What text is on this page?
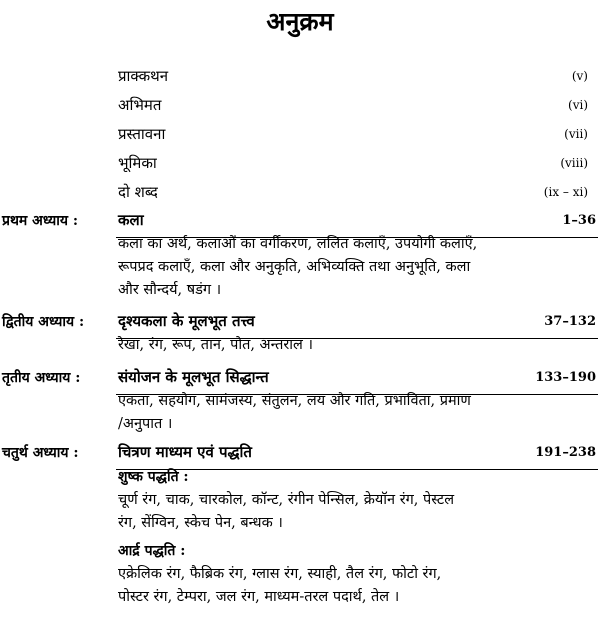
अनुक्रम
प्राक्कथन	(v)
अभिमत	(vi)
प्रस्तावना	(vii)
भूमिका	(viii)
दो शब्द	(ix – xi)
प्रथम अध्याय :	कला	1–36
कला का अर्थ, कलाओं का वर्गीकरण, ललित कलाएँ, उपयोगी कलाएँ,
रूपप्रद कलाएँ, कला और अनुकृति, अभिव्यक्ति तथा अनुभूति, कला
और सौन्दर्य, षडंग ।
द्वितीय अध्याय :	दृश्यकला के मूलभूत तत्त्व	37–132
रेखा, रंग, रूप, तान, पोत, अन्तराल ।
तृतीय अध्याय :	संयोजन के मूलभूत सिद्धान्त	133–190
एकता, सहयोग, सामंजस्य, संतुलन, लय और गति, प्रभाविता, प्रमाण
/अनुपात ।
चतुर्थ अध्याय :	चित्रण माध्यम एवं पद्धति	191–238
शुष्क पद्धति :
चूर्ण रंग, चाक, चारकोल, कॉन्ट, रंगीन पेन्सिल, क्रेयॉन रंग, पेस्टल
रंग, सेंग्विन, स्केच पेन, बन्धक ।
आर्द्र पद्धति :
एक्रेलिक रंग, फैब्रिक रंग, ग्लास रंग, स्याही, तैल रंग, फोटो रंग,
पोस्टर रंग, टेम्परा, जल रंग, माध्यम-तरल पदार्थ, तेल ।
